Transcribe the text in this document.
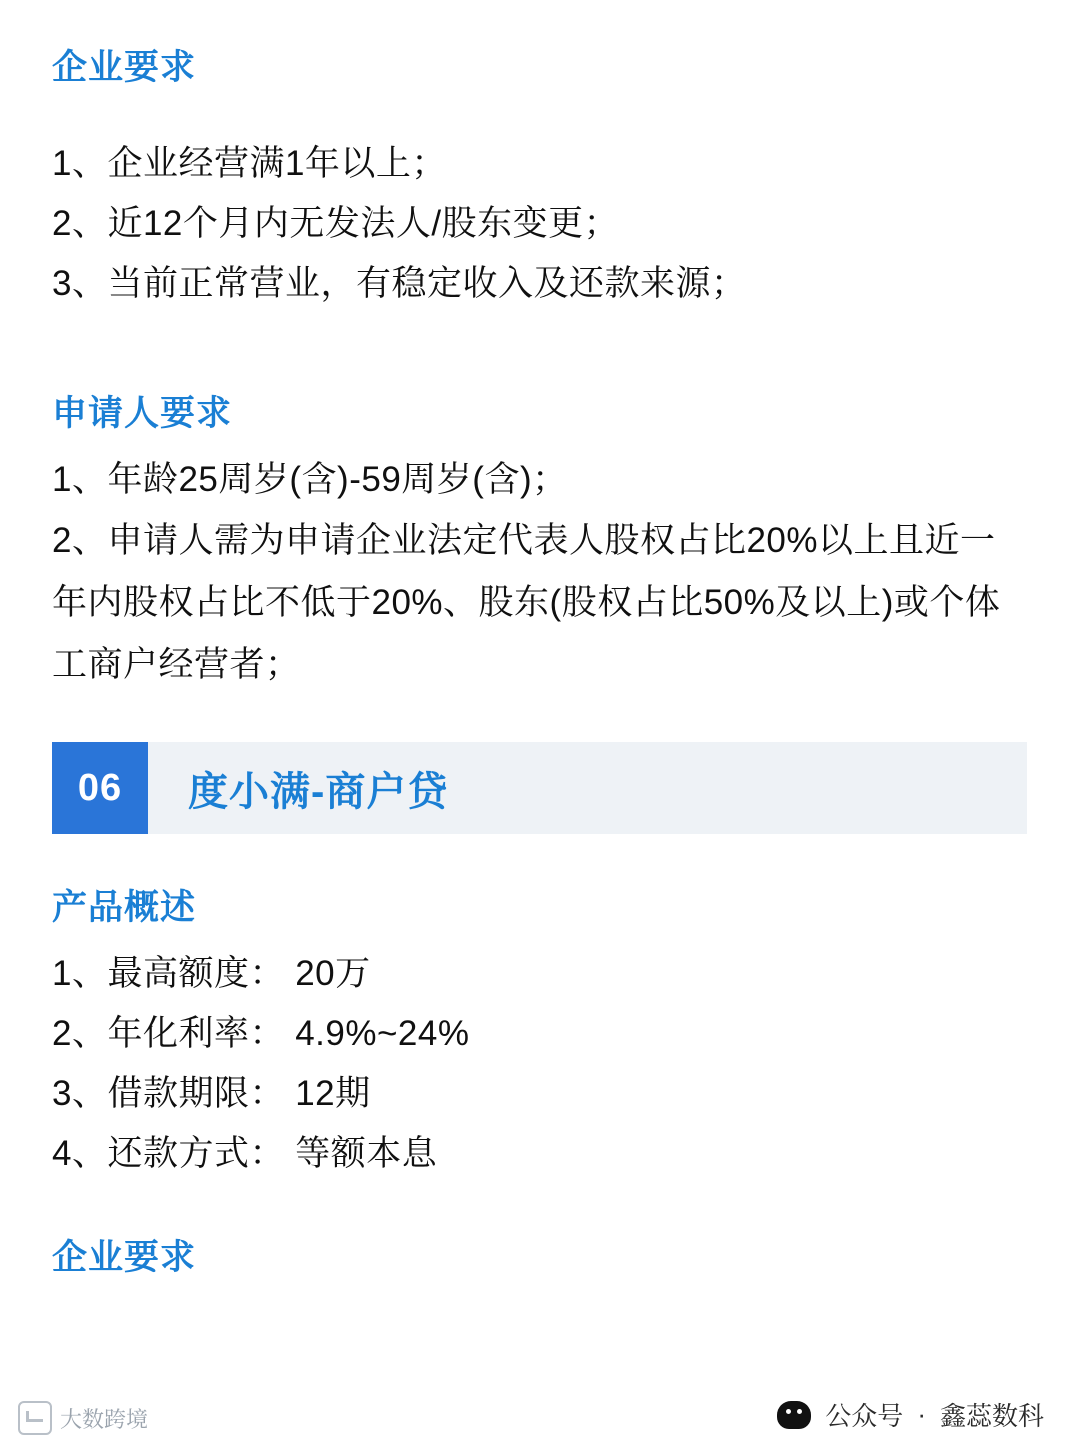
企业要求
1、企业经营满1年以上；
2、近12个月内无发法人/股东变更；
3、当前正常营业，有稳定收入及还款来源；
申请人要求
1、年龄25周岁(含)-59周岁(含)；
2、申请人需为申请企业法定代表人股权占比20%以上且近一年内股权占比不低于20%、股东(股权占比50%及以上)或个体工商户经营者；
06	度小满-商户贷
产品概述
1、最高额度： 20万
2、年化利率： 4.9%~24%
3、借款期限： 12期
4、还款方式： 等额本息
企业要求
大数跨境	公众号 · 鑫蕊数科
